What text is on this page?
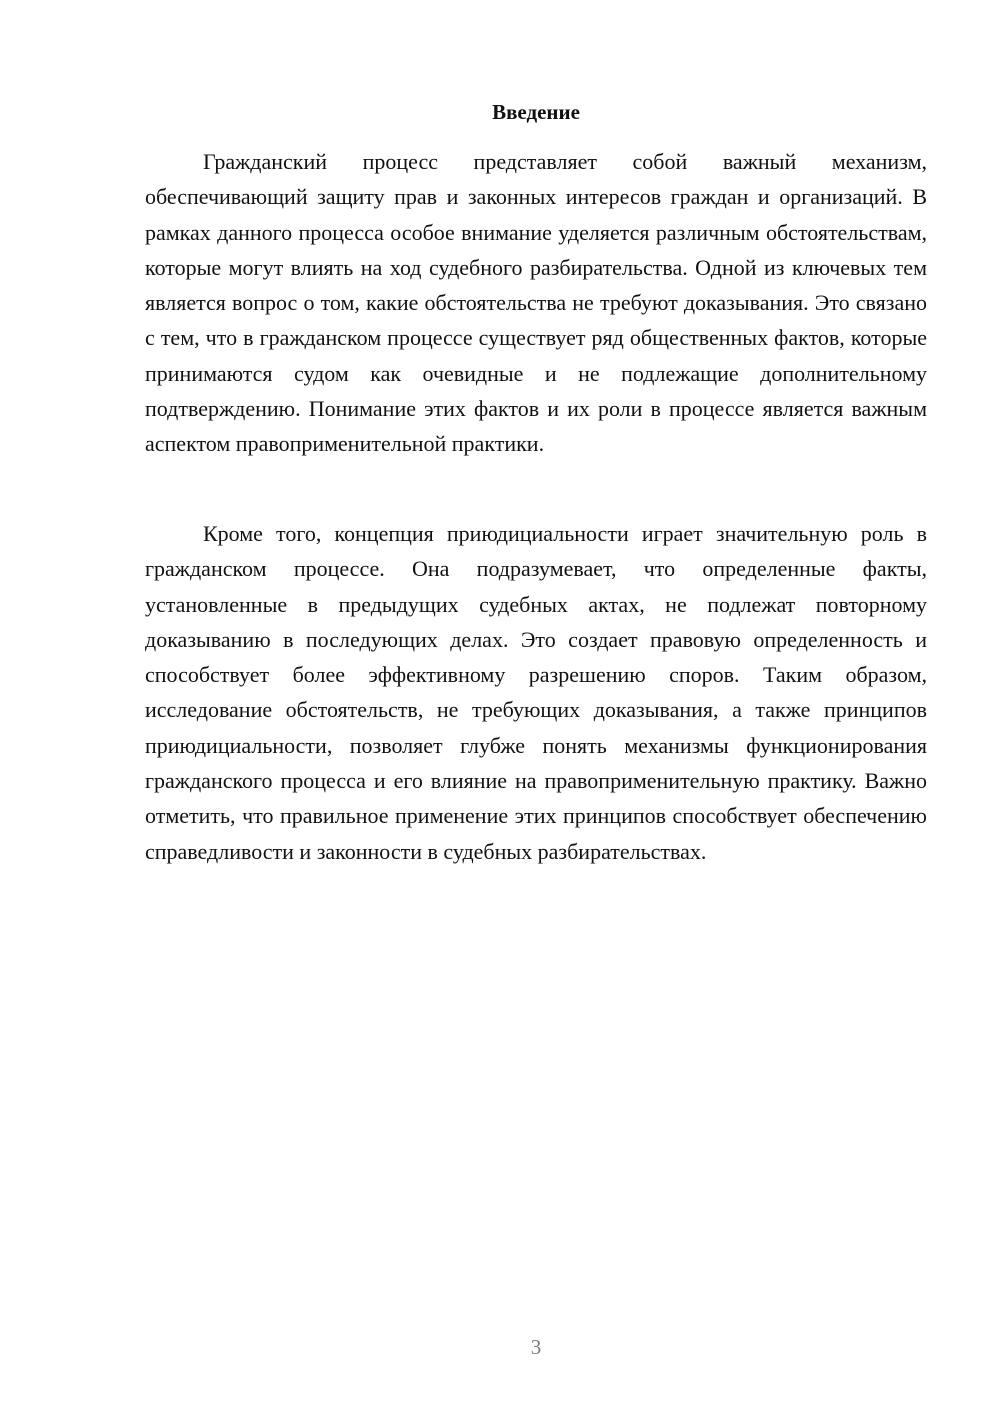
Введение

Гражданский процесс представляет собой важный механизм, обеспечивающий защиту прав и законных интересов граждан и организаций. В рамках данного процесса особое внимание уделяется различным обстоятельствам, которые могут влиять на ход судебного разбирательства. Одной из ключевых тем является вопрос о том, какие обстоятельства не требуют доказывания. Это связано с тем, что в гражданском процессе существует ряд общественных фактов, которые принимаются судом как очевидные и не подлежащие дополнительному подтверждению. Понимание этих фактов и их роли в процессе является важным аспектом правоприменительной практики.

Кроме того, концепция приюдициальности играет значительную роль в гражданском процессе. Она подразумевает, что определенные факты, установленные в предыдущих судебных актах, не подлежат повторному доказыванию в последующих делах. Это создает правовую определенность и способствует более эффективному разрешению споров. Таким образом, исследование обстоятельств, не требующих доказывания, а также принципов приюдициальности, позволяет глубже понять механизмы функционирования гражданского процесса и его влияние на правоприменительную практику. Важно отметить, что правильное применение этих принципов способствует обеспечению справедливости и законности в судебных разбирательствах.

3
